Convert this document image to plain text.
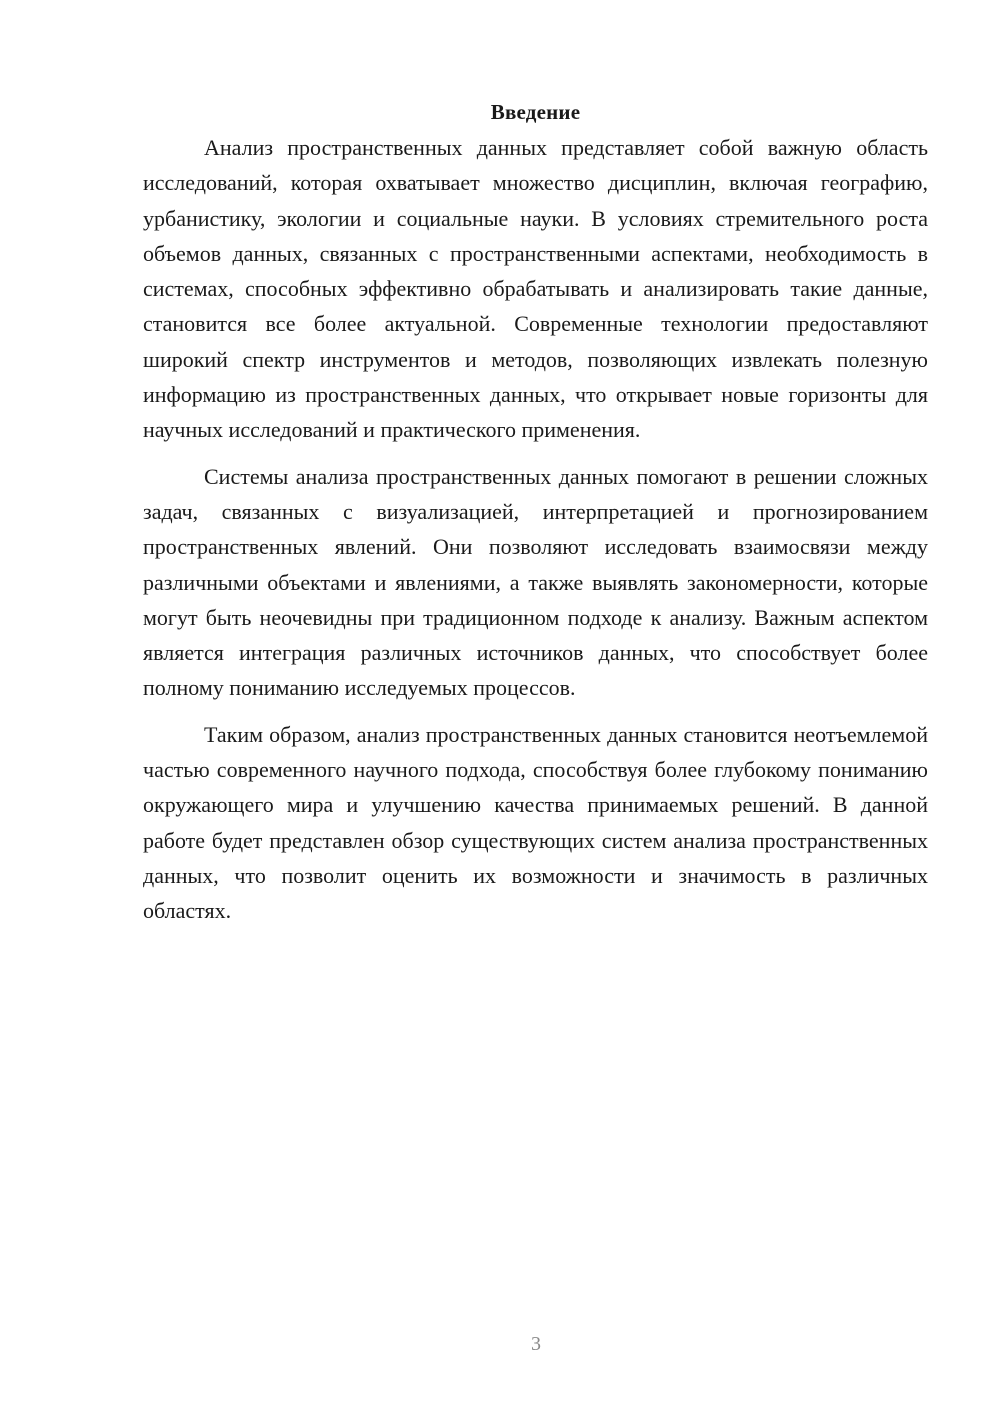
Введение

Анализ пространственных данных представляет собой важную область исследований, которая охватывает множество дисциплин, включая географию, урбанистику, экологии и социальные науки. В условиях стремительного роста объемов данных, связанных с пространственными аспектами, необходимость в системах, способных эффективно обрабатывать и анализировать такие данные, становится все более актуальной. Современные технологии предоставляют широкий спектр инструментов и методов, позволяющих извлекать полезную информацию из пространственных данных, что открывает новые горизонты для научных исследований и практического применения.

Системы анализа пространственных данных помогают в решении сложных задач, связанных с визуализацией, интерпретацией и прогнозированием пространственных явлений. Они позволяют исследовать взаимосвязи между различными объектами и явлениями, а также выявлять закономерности, которые могут быть неочевидны при традиционном подходе к анализу. Важным аспектом является интеграция различных источников данных, что способствует более полному пониманию исследуемых процессов.

Таким образом, анализ пространственных данных становится неотъемлемой частью современного научного подхода, способствуя более глубокому пониманию окружающего мира и улучшению качества принимаемых решений. В данной работе будет представлен обзор существующих систем анализа пространственных данных, что позволит оценить их возможности и значимость в различных областях.

3
